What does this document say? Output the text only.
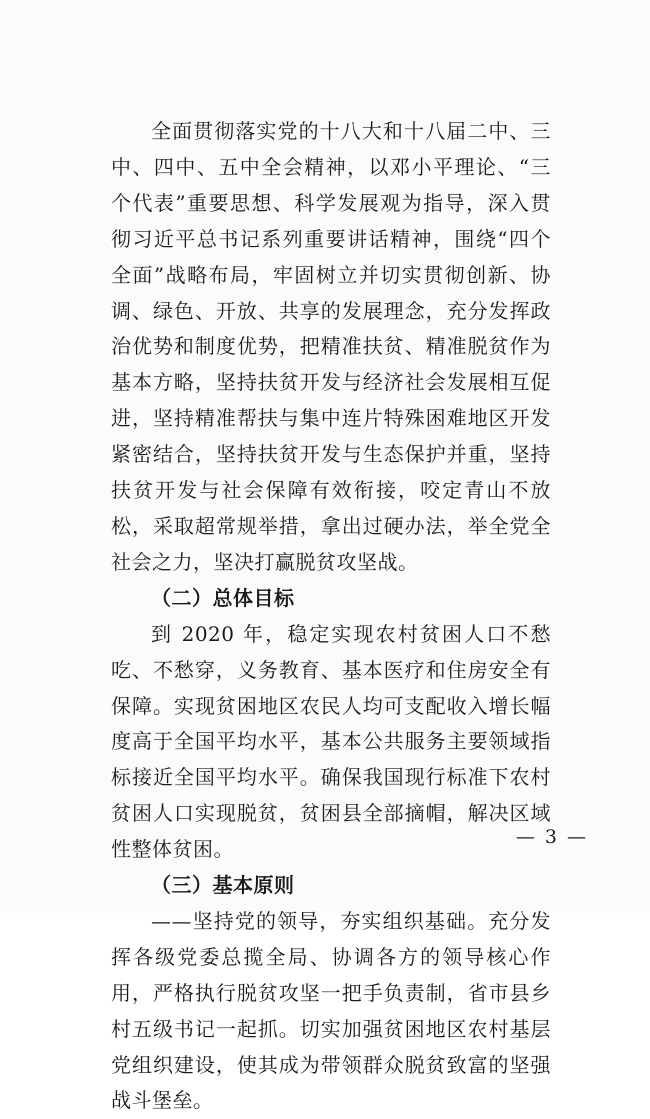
全面贯彻落实党的十八大和十八届二中、三中、四中、五中全会精神，以邓小平理论、“三个代表”重要思想、科学发展观为指导，深入贯彻习近平总书记系列重要讲话精神，围绕“四个全面”战略布局，牢固树立并切实贯彻创新、协调、绿色、开放、共享的发展理念，充分发挥政治优势和制度优势，把精准扶贫、精准脱贫作为基本方略，坚持扶贫开发与经济社会发展相互促进，坚持精准帮扶与集中连片特殊困难地区开发紧密结合，坚持扶贫开发与生态保护并重，坚持扶贫开发与社会保障有效衔接，咬定青山不放松，采取超常规举措，拿出过硬办法，举全党全社会之力，坚决打赢脱贫攻坚战。

（二）总体目标

到 2020 年，稳定实现农村贫困人口不愁吃、不愁穿，义务教育、基本医疗和住房安全有保障。实现贫困地区农民人均可支配收入增长幅度高于全国平均水平，基本公共服务主要领域指标接近全国平均水平。确保我国现行标准下农村贫困人口实现脱贫，贫困县全部摘帽，解决区域性整体贫困。

（三）基本原则

——坚持党的领导，夯实组织基础。充分发挥各级党委总揽全局、协调各方的领导核心作用，严格执行脱贫攻坚一把手负责制，省市县乡村五级书记一起抓。切实加强贫困地区农村基层党组织建设，使其成为带领群众脱贫致富的坚强战斗堡垒。

— 3 —
